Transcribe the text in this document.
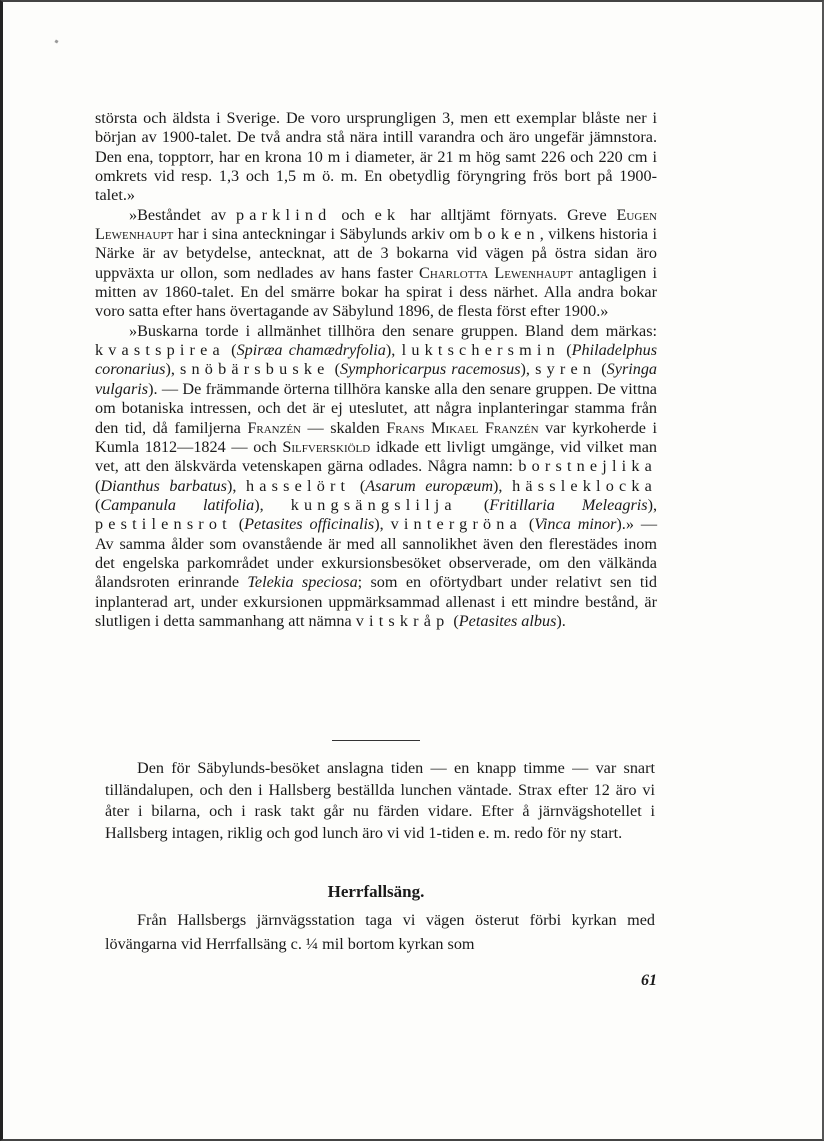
största och äldsta i Sverige. De voro ursprungligen 3, men ett exemplar blåste ner i början av 1900-talet. De två andra stå nära intill varandra och äro ungefär jämnstora. Den ena, topptorr, har en krona 10 m i diameter, är 21 m hög samt 226 och 220 cm i omkrets vid resp. 1,3 och 1,5 m ö. m. En obetydlig föryngring frös bort på 1900-talet.»

»Beståndet av parklind och ek har alltjämt förnyats. Greve Eugen Lewenhaupt har i sina anteckningar i Säbylunds arkiv om boken, vilkens historia i Närke är av betydelse, antecknat, att de 3 bokarna vid vägen på östra sidan äro uppväxta ur ollon, som nedlades av hans faster Charlotta Lewenhaupt antagligen i mitten av 1860-talet. En del smärre bokar ha spirat i dess närhet. Alla andra bokar voro satta efter hans övertagande av Säbylund 1896, de flesta först efter 1900.»

»Buskarna torde i allmänhet tillhöra den senare gruppen. Bland dem märkas: kvastspirea (Spiræa chamædryfolia), luktschersmin (Philadelphus coronarius), snöbärsbuske (Symphoricarpus racemosus), syren (Syringa vulgaris). — De främmande örterna tillhöra kanske alla den senare gruppen. De vittna om botaniska intressen, och det är ej uteslutet, att några inplanteringar stamma från den tid, då familjerna Franzén — skalden Frans Mikael Franzén var kyrkoherde i Kumla 1812—1824 — och Silfverskiöld idkade ett livligt umgänge, vid vilket man vet, att den älskvärda vetenskapen gärna odlades. Några namn: borstnejlika (Dianthus barbatus), hasselört (Asarum europæum), hässleklocka (Campanula latifolia), kungsängslilja (Fritillaria Meleagris), pestilensrot (Petasites officinalis), vintergröna (Vinca minor).» — Av samma ålder som ovanstående är med all sannolikhet även den flerestädes inom det engelska parkområdet under exkursionsbesöket observerade, om den välkända ålandsroten erinrande Telekia speciosa; som en oförtydbart under relativt sen tid inplanterad art, under exkursionen uppmärksammad allenast i ett mindre bestånd, är slutligen i detta sammanhang att nämna vitskråp (Petasites albus).

Den för Säbylunds-besöket anslagna tiden — en knapp timme — var snart tilländalupen, och den i Hallsberg beställda lunchen väntade. Strax efter 12 äro vi åter i bilarna, och i rask takt går nu färden vidare. Efter å järnvägshotellet i Hallsberg intagen, riklig och god lunch äro vi vid 1-tiden e. m. redo för ny start.

Herrfallsäng.

Från Hallsbergs järnvägsstation taga vi vägen österut förbi kyrkan med lövängarna vid Herrfallsäng c. ¼ mil bortom kyrkan som

61
